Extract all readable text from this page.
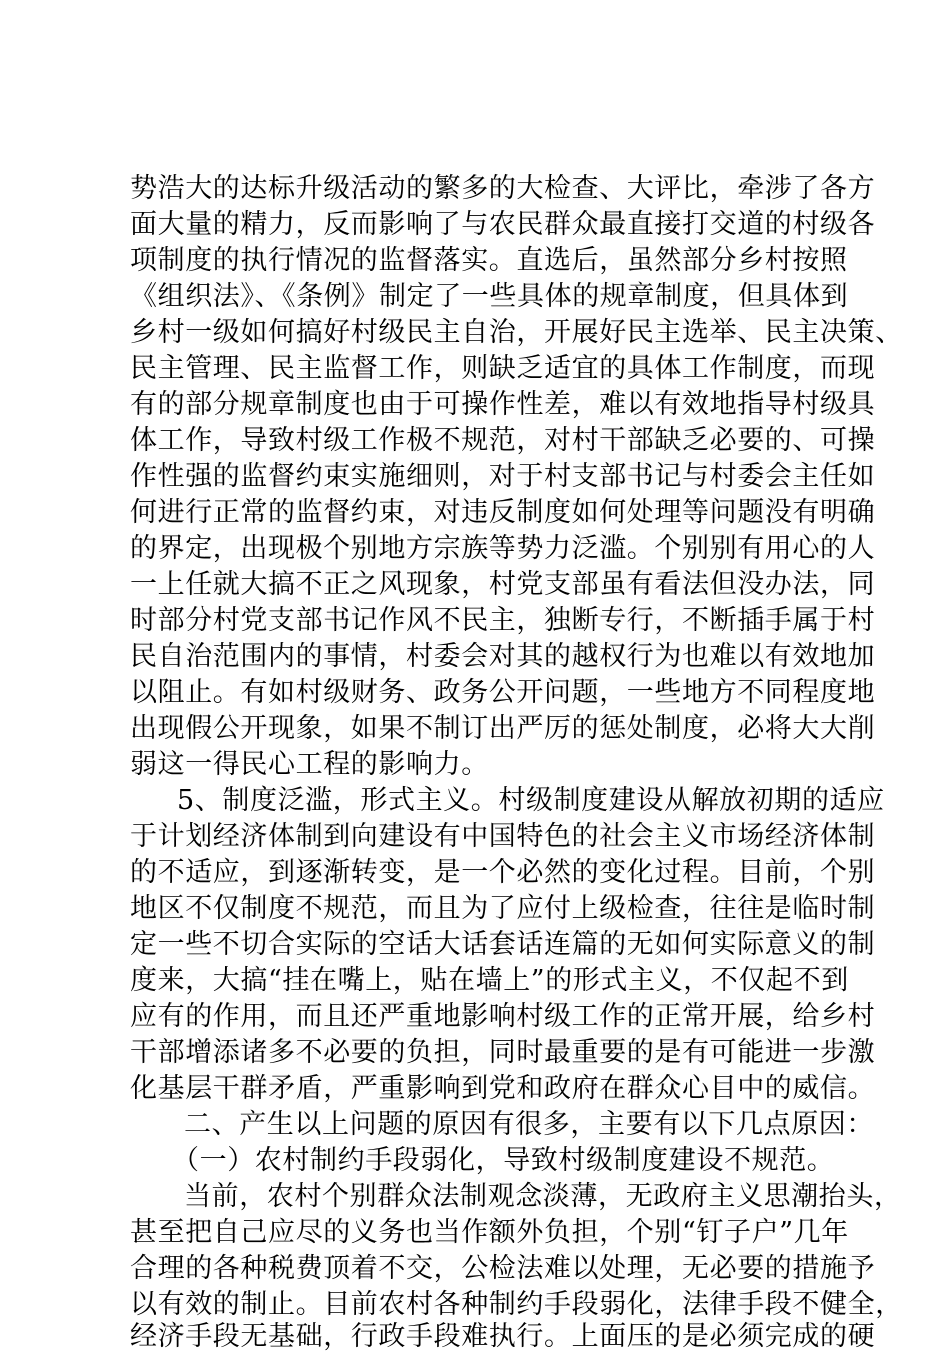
势浩大的达标升级活动的繁多的大检查、大评比，牵涉了各方
面大量的精力，反而影响了与农民群众最直接打交道的村级各
项制度的执行情况的监督落实。直选后，虽然部分乡村按照
《组织法》、《条例》制定了一些具体的规章制度，但具体到
乡村一级如何搞好村级民主自治，开展好民主选举、民主决策、
民主管理、民主监督工作，则缺乏适宜的具体工作制度，而现
有的部分规章制度也由于可操作性差，难以有效地指导村级具
体工作，导致村级工作极不规范，对村干部缺乏必要的、可操
作性强的监督约束实施细则，对于村支部书记与村委会主任如
何进行正常的监督约束，对违反制度如何处理等问题没有明确
的界定，出现极个别地方宗族等势力泛滥。个别别有用心的人
一上任就大搞不正之风现象，村党支部虽有看法但没办法，同
时部分村党支部书记作风不民主，独断专行，不断插手属于村
民自治范围内的事情，村委会对其的越权行为也难以有效地加
以阻止。有如村级财务、政务公开问题，一些地方不同程度地
出现假公开现象，如果不制订出严厉的惩处制度，必将大大削
弱这一得民心工程的影响力。
5、制度泛滥，形式主义。村级制度建设从解放初期的适应
于计划经济体制到向建设有中国特色的社会主义市场经济体制
的不适应，到逐渐转变，是一个必然的变化过程。目前，个别
地区不仅制度不规范，而且为了应付上级检查，往往是临时制
定一些不切合实际的空话大话套话连篇的无如何实际意义的制
度来，大搞“挂在嘴上，贴在墙上”的形式主义，不仅起不到
应有的作用，而且还严重地影响村级工作的正常开展，给乡村
干部增添诸多不必要的负担，同时最重要的是有可能进一步激
化基层干群矛盾，严重影响到党和政府在群众心目中的威信。
二、产生以上问题的原因有很多，主要有以下几点原因：
（一）农村制约手段弱化，导致村级制度建设不规范。
当前，农村个别群众法制观念淡薄，无政府主义思潮抬头，
甚至把自己应尽的义务也当作额外负担，个别“钉子户”几年
合理的各种税费顶着不交，公检法难以处理，无必要的措施予
以有效的制止。目前农村各种制约手段弱化，法律手段不健全，
经济手段无基础，行政手段难执行。上面压的是必须完成的硬
